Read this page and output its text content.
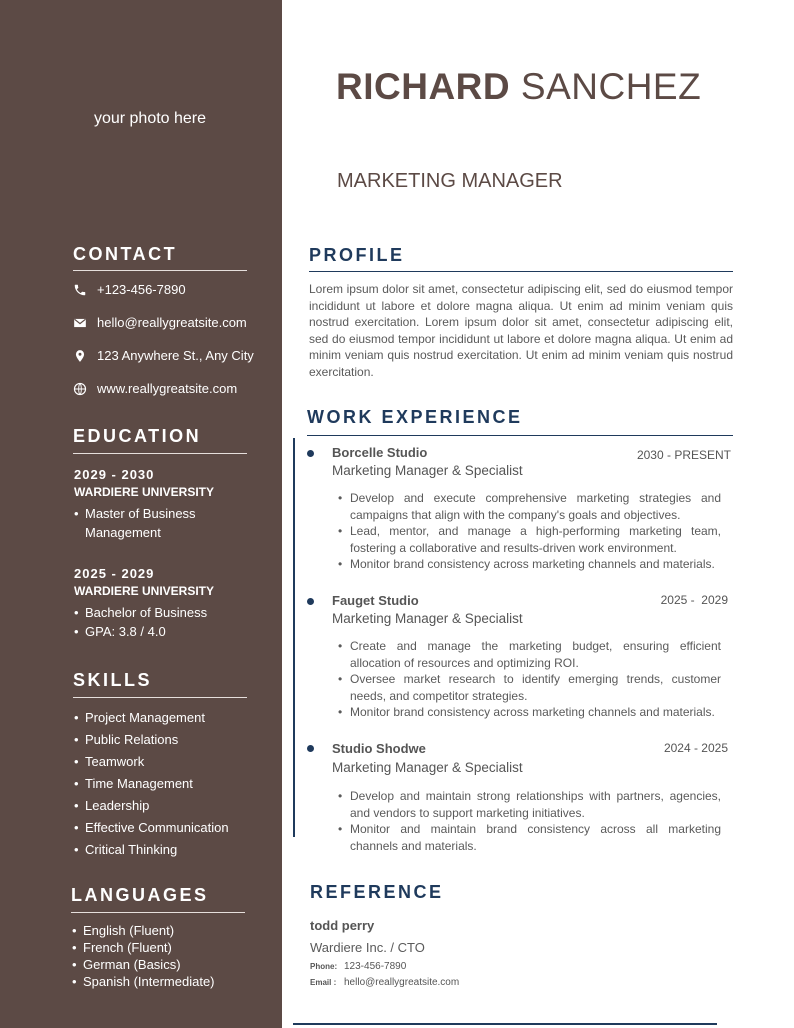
your photo here
CONTACT
+123-456-7890
hello@reallygreatsite.com
123 Anywhere St., Any City
www.reallygreatsite.com
EDUCATION
2029 - 2030
WARDIERE UNIVERSITY
• Master of Business Management
2025 - 2029
WARDIERE UNIVERSITY
• Bachelor of Business
• GPA: 3.8 / 4.0
SKILLS
• Project Management
• Public Relations
• Teamwork
• Time Management
• Leadership
• Effective Communication
• Critical Thinking
LANGUAGES
• English (Fluent)
• French (Fluent)
• German (Basics)
• Spanish (Intermediate)
RICHARD SANCHEZ
MARKETING MANAGER
PROFILE
Lorem ipsum dolor sit amet, consectetur adipiscing elit, sed do eiusmod tempor incididunt ut labore et dolore magna aliqua. Ut enim ad minim veniam quis nostrud exercitation. Lorem ipsum dolor sit amet, consectetur adipiscing elit, sed do eiusmod tempor incididunt ut labore et dolore magna aliqua. Ut enim ad minim veniam quis nostrud exercitation. Ut enim ad minim veniam quis nostrud exercitation.
WORK EXPERIENCE
Borcelle Studio	2030 - PRESENT
Marketing Manager & Specialist
• Develop and execute comprehensive marketing strategies and campaigns that align with the company's goals and objectives.
• Lead, mentor, and manage a high-performing marketing team, fostering a collaborative and results-driven work environment.
• Monitor brand consistency across marketing channels and materials.
Fauget Studio	2025 -  2029
Marketing Manager & Specialist
• Create and manage the marketing budget, ensuring efficient allocation of resources and optimizing ROI.
• Oversee market research to identify emerging trends, customer needs, and competitor strategies.
• Monitor brand consistency across marketing channels and materials.
Studio Shodwe	2024 - 2025
Marketing Manager & Specialist
• Develop and maintain strong relationships with partners, agencies, and vendors to support marketing initiatives.
• Monitor and maintain brand consistency across all marketing channels and materials.
REFERENCE
todd perry
Wardiere Inc. / CTO
Phone: 123-456-7890
Email : hello@reallygreatsite.com
